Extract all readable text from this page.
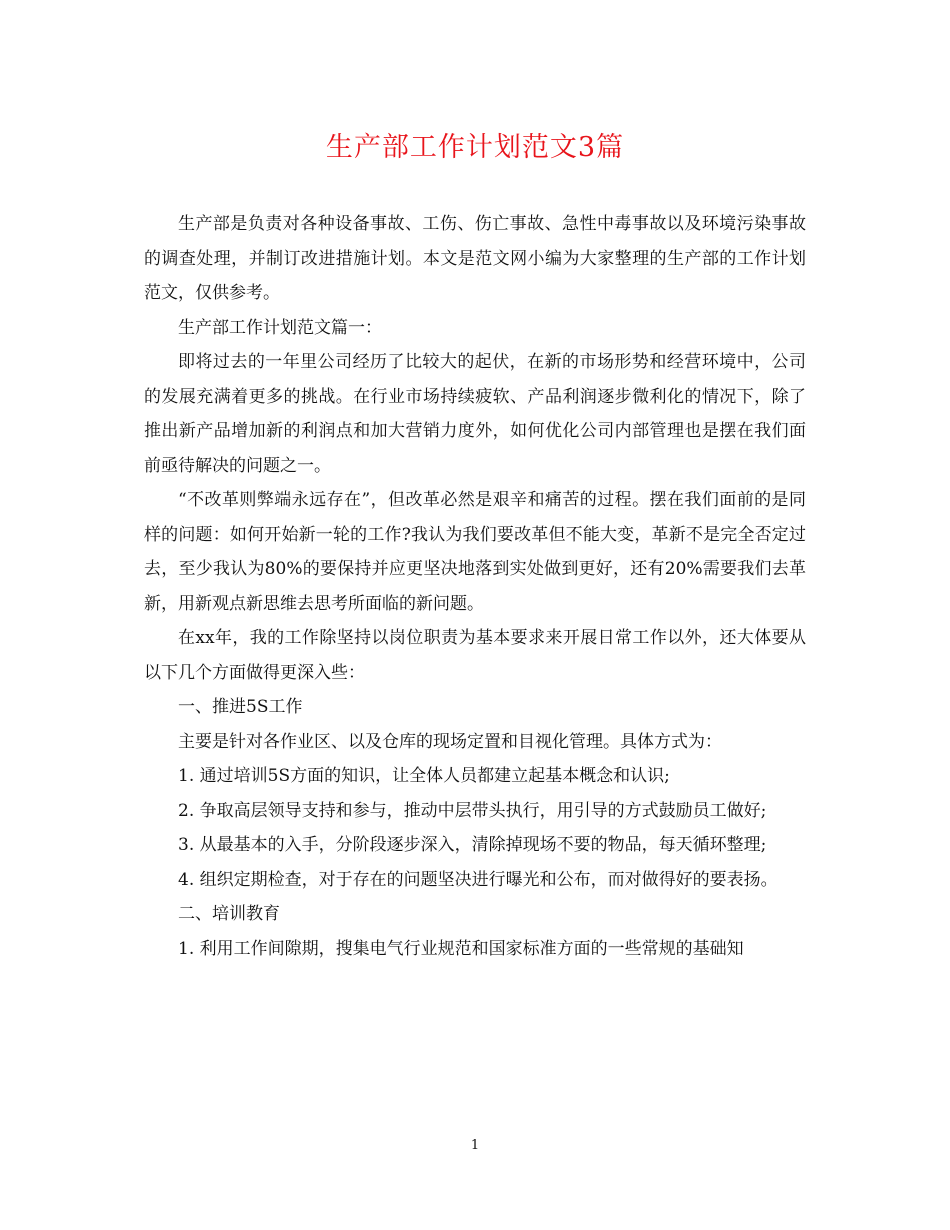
生产部工作计划范文3篇

生产部是负责对各种设备事故、工伤、伤亡事故、急性中毒事故以及环境污染事故的调查处理，并制订改进措施计划。本文是范文网小编为大家整理的生产部的工作计划范文，仅供参考。

生产部工作计划范文篇一：

即将过去的一年里公司经历了比较大的起伏，在新的市场形势和经营环境中，公司的发展充满着更多的挑战。在行业市场持续疲软、产品利润逐步微利化的情况下，除了推出新产品增加新的利润点和加大营销力度外，如何优化公司内部管理也是摆在我们面前亟待解决的问题之一。

“不改革则弊端永远存在”，但改革必然是艰辛和痛苦的过程。摆在我们面前的是同样的问题：如何开始新一轮的工作?我认为我们要改革但不能大变，革新不是完全否定过去，至少我认为80%的要保持并应更坚决地落到实处做到更好，还有20%需要我们去革新，用新观点新思维去思考所面临的新问题。

在xx年，我的工作除坚持以岗位职责为基本要求来开展日常工作以外，还大体要从以下几个方面做得更深入些：

一、推进5S工作

主要是针对各作业区、以及仓库的现场定置和目视化管理。具体方式为：

1. 通过培训5S方面的知识，让全体人员都建立起基本概念和认识;

2. 争取高层领导支持和参与，推动中层带头执行，用引导的方式鼓励员工做好;

3. 从最基本的入手，分阶段逐步深入，清除掉现场不要的物品，每天循环整理;

4. 组织定期检查，对于存在的问题坚决进行曝光和公布，而对做得好的要表扬。

二、培训教育

1. 利用工作间隙期，搜集电气行业规范和国家标准方面的一些常规的基础知

1
